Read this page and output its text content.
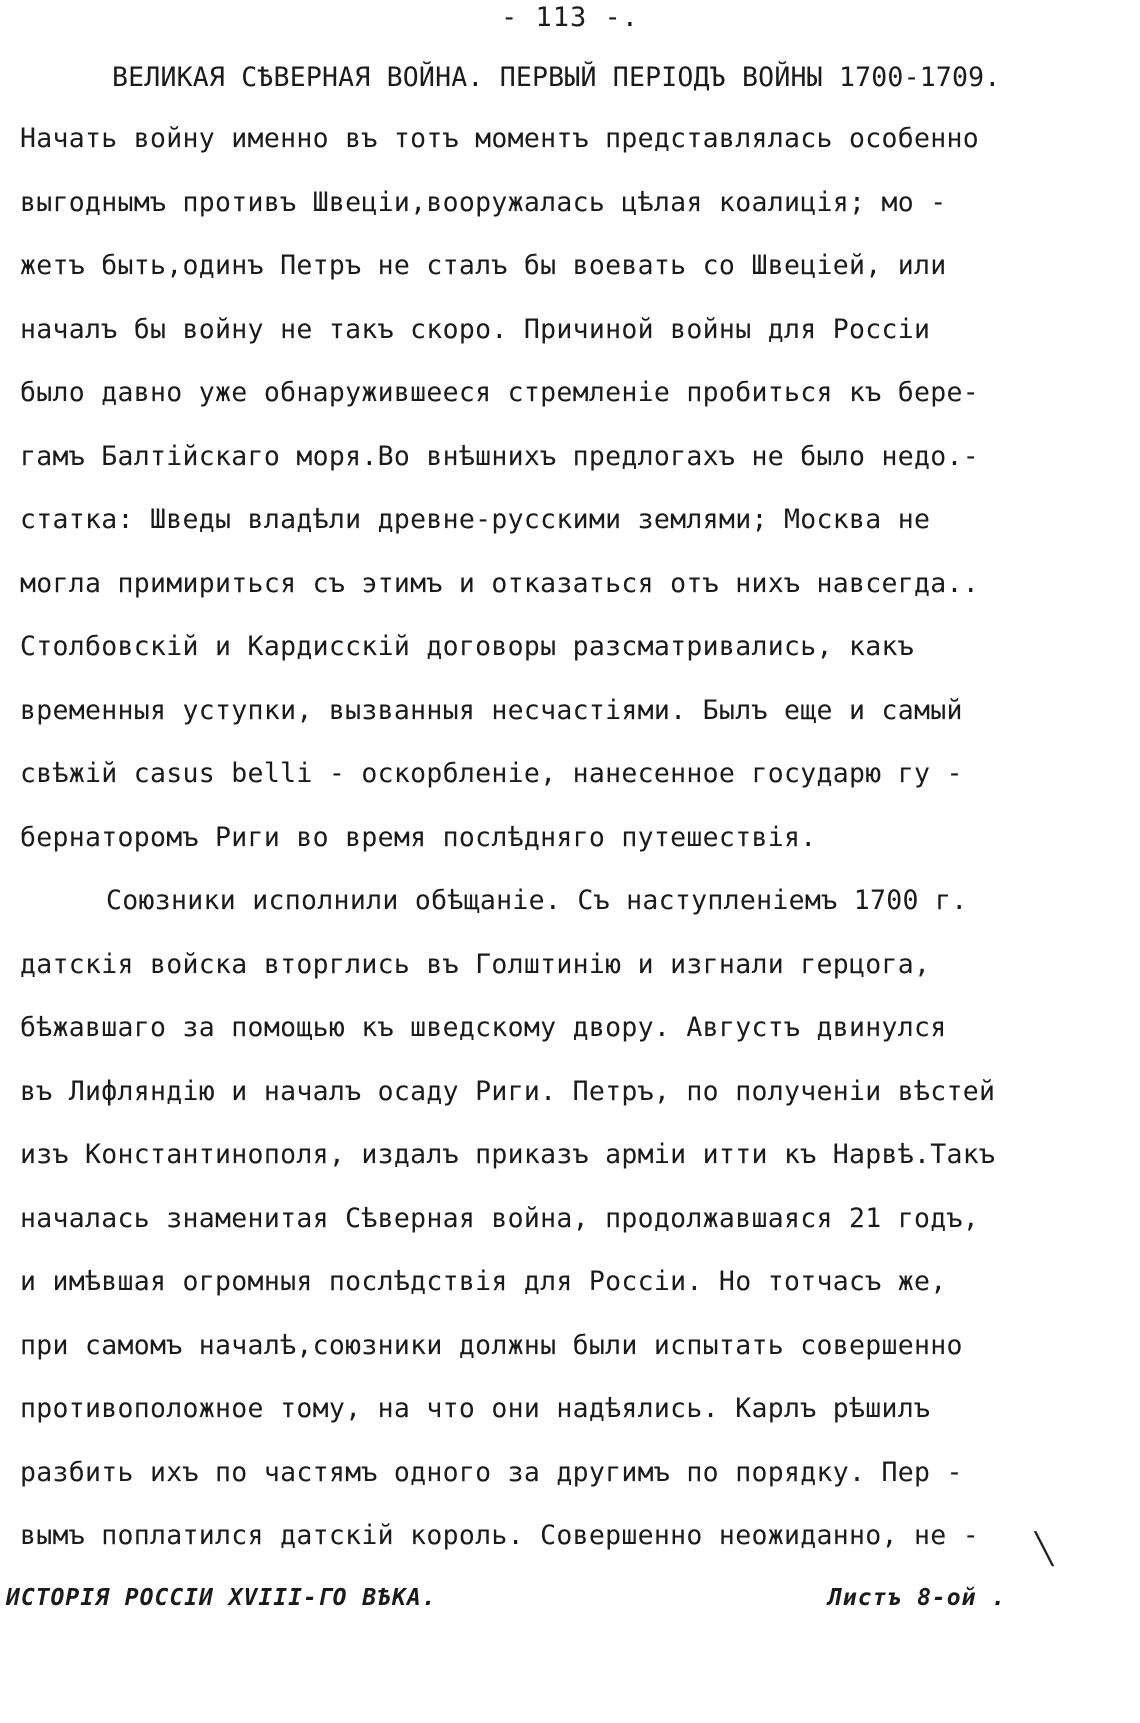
- 113 -.
ВЕЛИКАЯ СѢВЕРНАЯ ВОЙНА. ПЕРВЫЙ ПЕРIОДЪ ВОЙНЫ 1700-1709.
Начать войну именно въ тотъ моментъ представлялась особенно
выгоднымъ противъ Швецiи,вооружалась цѣлая коалицiя; мо -
жетъ быть,одинъ Петръ не сталъ бы воевать со Швецiей, или
началъ бы войну не такъ скоро. Причиной войны для Россiи
было давно уже обнаружившееся стремленiе пробиться къ бере-
гамъ Балтiйскаго моря.Во внѣшнихъ предлогахъ не было недо.-
статка: Шведы владѣли древне-русскими землями; Москва не
могла примириться съ этимъ и отказаться отъ нихъ навсегда..
Столбовскiй и Кардисскiй договоры разсматривались, какъ
временныя уступки, вызванныя несчастiями. Былъ еще и самый
свѣжiй casus belli - оскорбленiе, нанесенное государю гу -
бернаторомъ Риги во время послѣдняго путешествiя.
Союзники исполнили обѣщанiе. Съ наступленiемъ 1700 г.
датскiя войска вторглись въ Голштинiю и изгнали герцога,
бѣжавшаго за помощью къ шведскому двору. Августъ двинулся
въ Лифляндiю и началъ осаду Риги. Петръ, по полученiи вѣстей
изъ Константинополя, издалъ приказъ армiи итти къ Нарвѣ.Такъ
началась знаменитая Сѣверная война, продолжавшаяся 21 годъ,
и имѣвшая огромныя послѣдствiя для Россiи. Но тотчасъ же,
при самомъ началѣ,союзники должны были испытать совершенно
противоположное тому, на что они надѣялись. Карлъ рѣшилъ
разбить ихъ по частямъ одного за другимъ по порядку. Пер -
вымъ поплатился датскiй король. Совершенно неожиданно, не -	╲
ИСТОРIЯ РОССIИ XVIII-ГО ВѢКА.	Листъ 8-ой .
